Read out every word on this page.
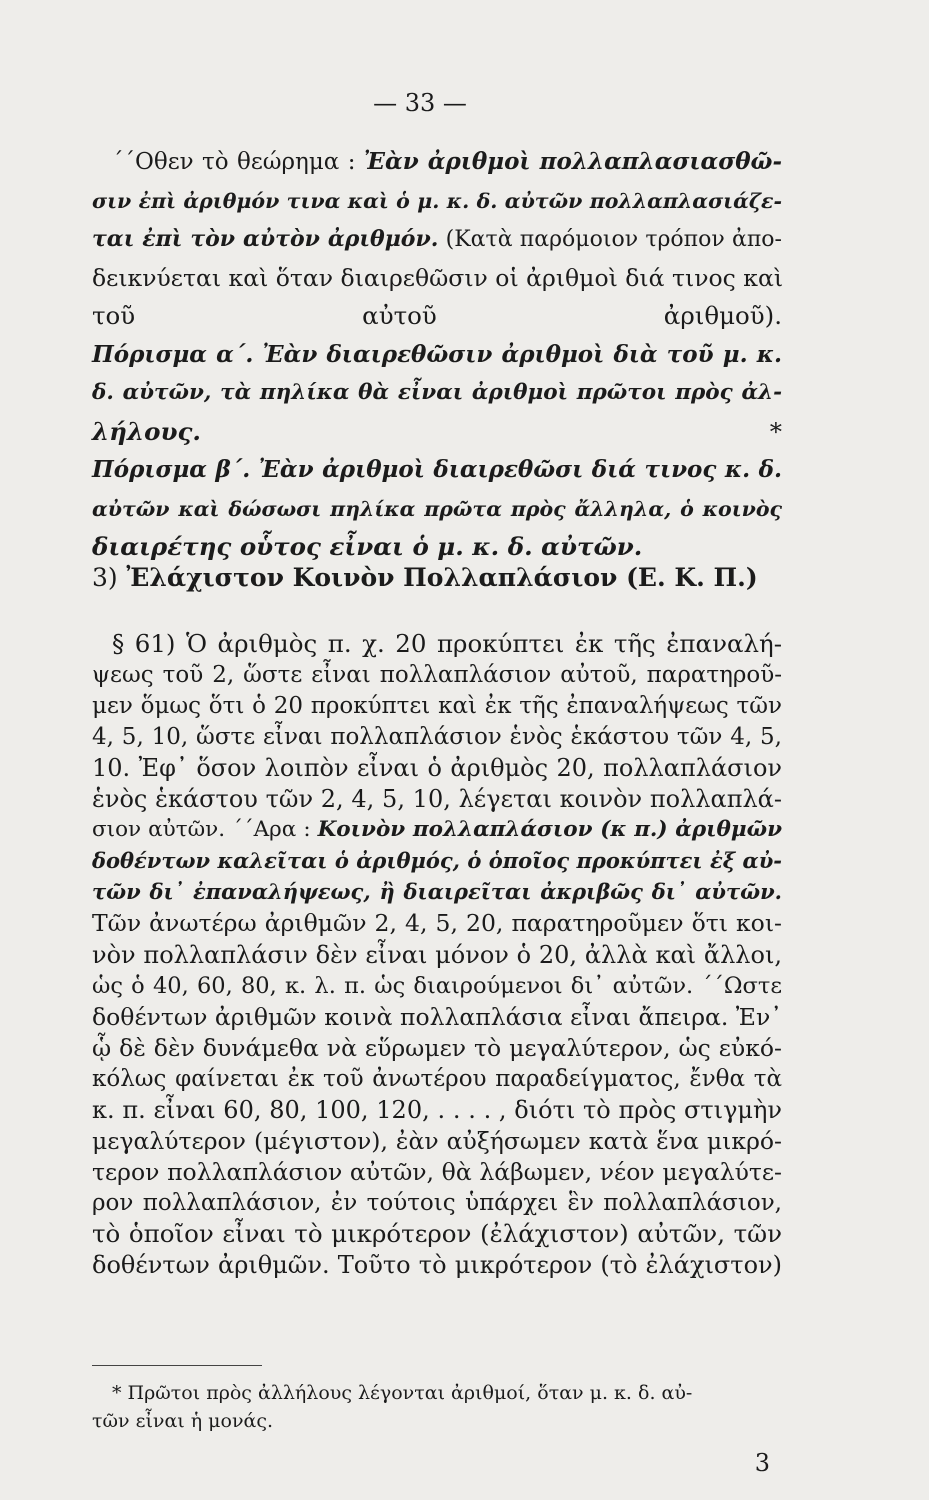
— 33 —
΄΄Οθεν τὸ θεώρημα : Ἐὰν ἀριθμοὶ πολλαπλασιασθῶ-
σιν ἐπὶ ἀριθμόν τινα καὶ ὁ μ. κ. δ. αὐτῶν πολλαπλασιάζε-
ται ἐπὶ τὸν αὐτὸν ἀριθμόν. (Κατὰ παρόμοιον τρόπον ἀπο-
δεικνύεται καὶ ὅταν διαιρεθῶσιν οἱ ἀριθμοὶ διά τινος καὶ
τοῦ αὐτοῦ ἀριθμοῦ).
Πόρισμα α΄. Ἐὰν διαιρεθῶσιν ἀριθμοὶ διὰ τοῦ μ. κ.
δ. αὐτῶν, τὰ πηλίκα θὰ εἶναι ἀριθμοὶ πρῶτοι πρὸς ἀλ-
λήλους. *
Πόρισμα β΄. Ἐὰν ἀριθμοὶ διαιρεθῶσι διά τινος κ. δ.
αὐτῶν καὶ δώσωσι πηλίκα πρῶτα πρὸς ἄλληλα, ὁ κοινὸς
διαιρέτης οὗτος εἶναι ὁ μ. κ. δ. αὐτῶν.
3) Ἐλάχιστον Κοινὸν Πολλαπλάσιον (Ε. Κ. Π.)
§ 61) Ὁ ἀριθμὸς π. χ. 20 προκύπτει ἐκ τῆς ἐπαναλή-
ψεως τοῦ 2, ὥστε εἶναι πολλαπλάσιον αὐτοῦ, παρατηροῦ-
μεν ὅμως ὅτι ὁ 20 προκύπτει καὶ ἐκ τῆς ἐπαναλήψεως τῶν
4, 5, 10, ὥστε εἶναι πολλαπλάσιον ἑνὸς ἑκάστου τῶν 4, 5,
10. Ἐφ᾽ ὅσον λοιπὸν εἶναι ὁ ἀριθμὸς 20, πολλαπλάσιον
ἑνὸς ἑκάστου τῶν 2, 4, 5, 10, λέγεται κοινὸν πολλαπλά-
σιον αὐτῶν. ΄΄Αρα : Κοινὸν πολλαπλάσιον (κ π.) ἀριθμῶν
δοθέντων καλεῖται ὁ ἀριθμός, ὁ ὁποῖος προκύπτει ἐξ αὐ-
τῶν δι᾽ ἐπαναλήψεως, ἢ διαιρεῖται ἀκριβῶς δι᾽ αὐτῶν.
Τῶν ἀνωτέρω ἀριθμῶν 2, 4, 5, 20, παρατηροῦμεν ὅτι κοι-
νὸν πολλαπλάσιν δὲν εἶναι μόνον ὁ 20, ἀλλὰ καὶ ἄλλοι,
ὡς ὁ 40, 60, 80, κ. λ. π. ὡς διαιρούμενοι δι᾽ αὐτῶν. ΄΄Ωστε
δοθέντων ἀριθμῶν κοινὰ πολλαπλάσια εἶναι ἄπειρα. Ἐν᾽
ᾧ δὲ δὲν δυνάμεθα νὰ εὕρωμεν τὸ μεγαλύτερον, ὡς εὐκό-
κόλως φαίνεται ἐκ τοῦ ἀνωτέρου παραδείγματος, ἔνθα τὰ
κ. π. εἶναι 60, 80, 100, 120, . . . . , διότι τὸ πρὸς στιγμὴν
μεγαλύτερον (μέγιστον), ἐὰν αὐξήσωμεν κατὰ ἕνα μικρό-
τερον πολλαπλάσιον αὐτῶν, θὰ λάβωμεν, νέον μεγαλύτε-
ρον πολλαπλάσιον, ἐν τούτοις ὑπάρχει ἓν πολλαπλάσιον,
τὸ ὁποῖον εἶναι τὸ μικρότερον (ἐλάχιστον) αὐτῶν, τῶν
δοθέντων ἀριθμῶν. Τοῦτο τὸ μικρότερον (τὸ ἐλάχιστον)
* Πρῶτοι πρὸς ἀλλήλους λέγονται ἀριθμοί, ὅταν μ. κ. δ. αὐ-
τῶν εἶναι ἡ μονάς.
3
